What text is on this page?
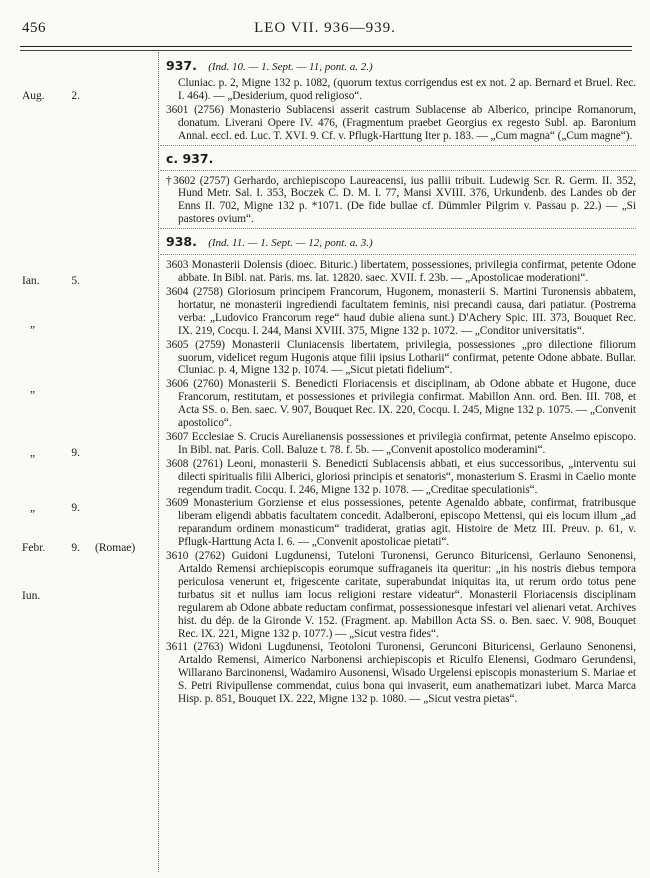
456	LEO VII. 936—939.
Aug.	2.
Ian.	5.
„
„
„	9.
„	9.
Febr.	9. (Romae)
Iun.
937. (Ind. 10. — 1. Sept. — 11, pont. a. 2.)
Cluniac. p. 2, Migne 132 p. 1082, (quorum textus corrigendus est ex not. 2 ap. Bernard et Bruel. Rec. I. 464). — „Desiderium, quod religioso“.
3601 (2756) Monasterio Sublacensi asserit castrum Sublacense ab Alberico, principe Romanorum, donatum. Liverani Opere IV. 476, (Fragmentum praebet Georgius ex regesto Subl. ap. Baronium Annal. eccl. ed. Luc. T. XVI. 9. Cf. v. Pflugk-Harttung Iter p. 183. — „Cum magna“ („Cum magne“).
c. 937.
†3602 (2757) Gerhardo, archiepiscopo Laureacensi, ius pallii tribuit. Ludewig Scr. R. Germ. II. 352, Hund Metr. Sal. I. 353, Boczek C. D. M. I. 77, Mansi XVIII. 376, Urkundenb. des Landes ob der Enns II. 702, Migne 132 p. *1071. (De fide bullae cf. Dümmler Pilgrim v. Passau p. 22.) — „Si pastores ovium“.
938. (Ind. 11. — 1. Sept. — 12, pont. a. 3.)
3603 Monasterii Dolensis (dioec. Bituric.) libertatem, possessiones, privilegia confirmat, petente Odone abbate. In Bibl. nat. Paris. ms. lat. 12820. saec. XVII. f. 23b. — „Apostolicae moderationi“.
3604 (2758) Gloriosum principem Francorum, Hugonem, monasterii S. Martini Turonensis abbatem, hortatur, ne monasterii ingrediendi facultatem feminis, nisi precandi causa, dari patiatur. (Postrema verba: „Ludovico Francorum rege“ haud dubie aliena sunt.) D'Achery Spic. III. 373, Bouquet Rec. IX. 219, Cocqu. I. 244, Mansi XVIII. 375, Migne 132 p. 1072. — „Conditor universitatis“.
3605 (2759) Monasterii Cluniacensis libertatem, privilegia, possessiones „pro dilectione filiorum suorum, videlicet regum Hugonis atque filii ipsius Lotharii“ confirmat, petente Odone abbate. Bullar. Cluniac. p. 4, Migne 132 p. 1074. — „Sicut pietati fidelium“.
3606 (2760) Monasterii S. Benedicti Floriacensis et disciplinam, ab Odone abbate et Hugone, duce Francorum, restitutam, et possessiones et privilegia confirmat. Mabillon Ann. ord. Ben. III. 708, et Acta SS. o. Ben. saec. V. 907, Bouquet Rec. IX. 220, Cocqu. I. 245, Migne 132 p. 1075. — „Convenit apostolico“.
3607 Ecclesiae S. Crucis Aurelianensis possessiones et privilegia confirmat, petente Anselmo episcopo. In Bibl. nat. Paris. Coll. Baluze t. 78. f. 5b. — „Convenit apostolico moderamini“.
3608 (2761) Leoni, monasterii S. Benedicti Sublacensis abbati, et eius successoribus, „interventu sui dilecti spiritualis filii Alberici, gloriosi principis et senatoris“, monasterium S. Erasmi in Caelio monte regendum tradit. Cocqu. I. 246, Migne 132 p. 1078. — „Creditae speculationis“.
3609 Monasterium Gorziense et eius possessiones, petente Agenaldo abbate, confirmat, fratribusque liberam eligendi abbatis facultatem concedit. Adalberoni, episcopo Mettensi, qui eis locum illum „ad reparandum ordinem monasticum“ tradiderat, gratias agit. Histoire de Metz III. Preuv. p. 61, v. Pflugk-Harttung Acta I. 6. — „Convenit apostolicae pietati“.
3610 (2762) Guidoni Lugdunensi, Tuteloni Turonensi, Gerunco Bituricensi, Gerlauno Senonensi, Artaldo Remensi archiepiscopis eorumque suffraganeis ita queritur: „in his nostris diebus tempora periculosa venerunt et, frigescente caritate, superabundat iniquitas ita, ut rerum ordo totus pene turbatus sit et nullus iam locus religioni restare videatur“. Monasterii Floriacensis disciplinam regularem ab Odone abbate reductam confirmat, possessionesque infestari vel alienari vetat. Archives hist. du dép. de la Gironde V. 152. (Fragment. ap. Mabillon Acta SS. o. Ben. saec. V. 908, Bouquet Rec. IX. 221, Migne 132 p. 1077.) — „Sicut vestra fides“.
3611 (2763) Widoni Lugdunensi, Teotoloni Turonensi, Gerunconi Bituricensi, Gerlauno Senonensi, Artaldo Remensi, Aimerico Narbonensi archiepiscopis et Riculfo Elenensi, Godmaro Gerundensi, Willarano Barcinonensi, Wadamiro Ausonensi, Wisado Urgelensi episcopis monasterium S. Mariae et S. Petri Rivipullense commendat, cuius bona qui invaserit, eum anathematizari iubet. Marca Marca Hisp. p. 851, Bouquet IX. 222, Migne 132 p. 1080. — „Sicut vestra pietas“.
